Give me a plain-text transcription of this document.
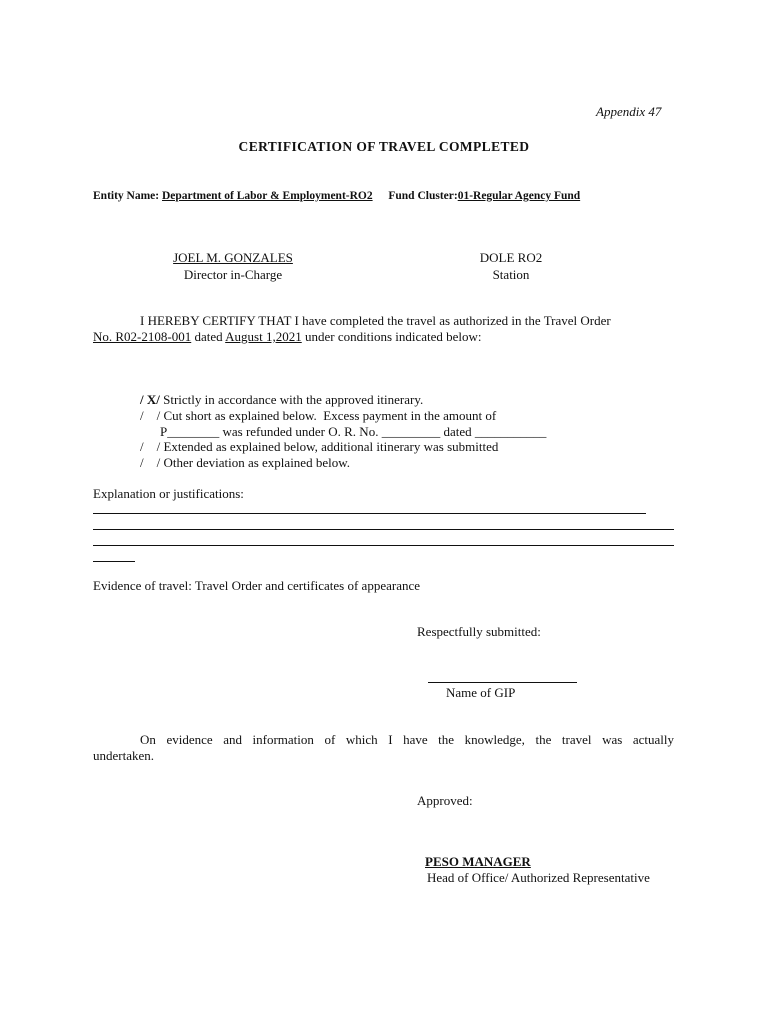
Appendix 47
CERTIFICATION OF TRAVEL COMPLETED
Entity Name: Department of Labor & Employment-RO2 Fund Cluster:01-Regular Agency Fund
JOEL M. GONZALES
Director in-Charge
DOLE RO2
Station
I HEREBY CERTIFY THAT I have completed the travel as authorized in the Travel Order
No. R02-2108-001 dated August 1,2021 under conditions indicated below:
/ X/ Strictly in accordance with the approved itinerary.
/    / Cut short as explained below.  Excess payment in the amount of
P________ was refunded under O. R. No. _________ dated ___________
/    / Extended as explained below, additional itinerary was submitted
/    / Other deviation as explained below.
Explanation or justifications:
Evidence of travel: Travel Order and certificates of appearance
Respectfully submitted:
Name of GIP
On evidence and information of which I have the knowledge, the travel was actually
undertaken.
Approved:
PESO MANAGER
Head of Office/ Authorized Representative
